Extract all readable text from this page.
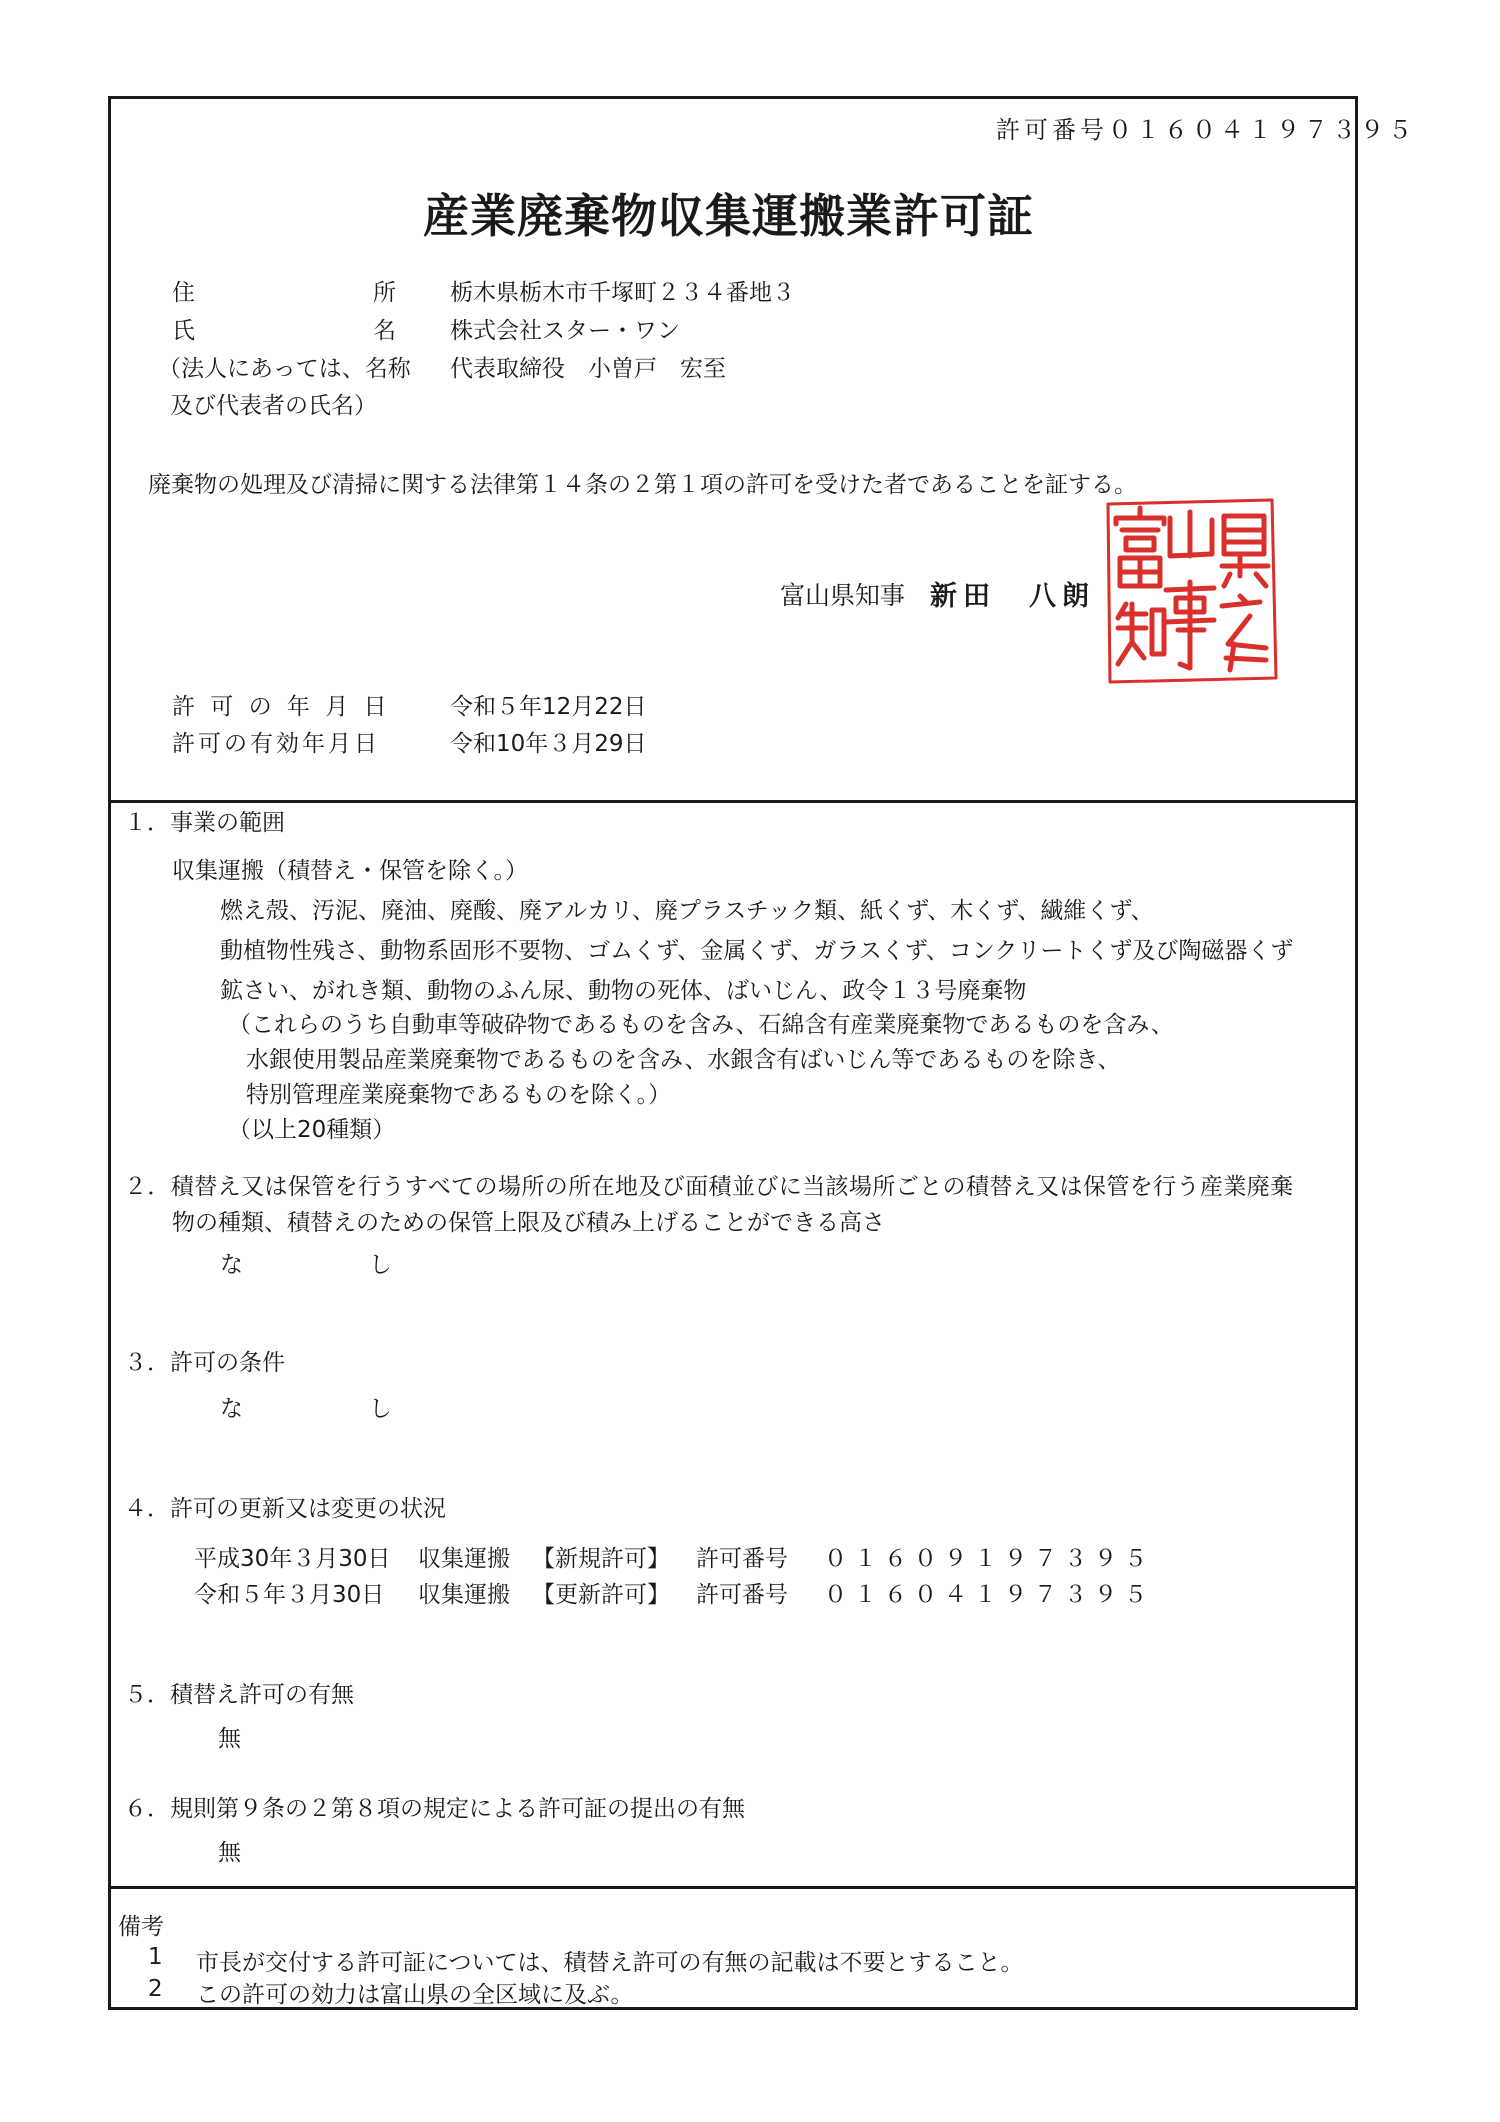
許可番号０１６０４１９７３９５
産業廃棄物収集運搬業許可証
住	所 栃木県栃木市千塚町２３４番地３
氏	名 株式会社スター・ワン
（法人にあっては、名称 代表取締役　小曽戸　宏至
及び代表者の氏名）
廃棄物の処理及び清掃に関する法律第１４条の２第１項の許可を受けた者であることを証する。
富山県知事 新田　八朗
許 可 の 年 月 日	令和５年12月22日
許可の有効年月日	令和10年３月29日
１．事業の範囲
収集運搬（積替え・保管を除く。）
燃え殻、汚泥、廃油、廃酸、廃アルカリ、廃プラスチック類、紙くず、木くず、繊維くず、
動植物性残さ、動物系固形不要物、ゴムくず、金属くず、ガラスくず、コンクリートくず及び陶磁器くず
鉱さい、がれき類、動物のふん尿、動物の死体、ばいじん、政令１３号廃棄物
（これらのうち自動車等破砕物であるものを含み、石綿含有産業廃棄物であるものを含み、
水銀使用製品産業廃棄物であるものを含み、水銀含有ばいじん等であるものを除き、
特別管理産業廃棄物であるものを除く。）
（以上20種類）
２．積替え又は保管を行うすべての場所の所在地及び面積並びに当該場所ごとの積替え又は保管を行う産業廃棄
物の種類、積替えのための保管上限及び積み上げることができる高さ
な	し
３．許可の条件
な	し
４．許可の更新又は変更の状況
平成30年３月30日 収集運搬 【新規許可】 許可番号 ０１６０９１９７３９５
令和５年３月30日 収集運搬 【更新許可】 許可番号 ０１６０４１９７３９５
５．積替え許可の有無
無
６．規則第９条の２第８項の規定による許可証の提出の有無
無
備考
1 市長が交付する許可証については、積替え許可の有無の記載は不要とすること。
2 この許可の効力は富山県の全区域に及ぶ。
